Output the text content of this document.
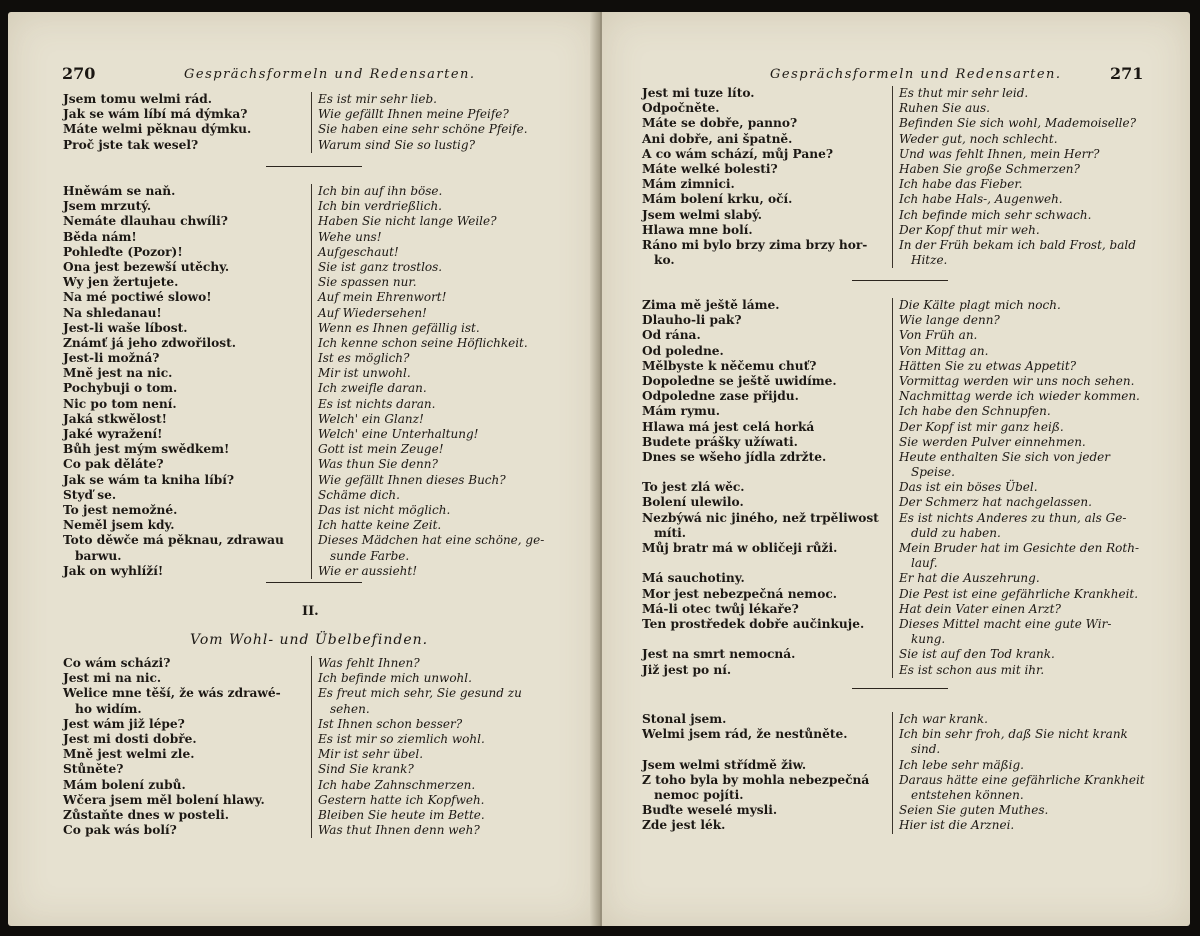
270	Gesprächsformeln und Redensarten.
Jsem tomu welmi rád.
Jak se wám líbí má dýmka?
Máte welmi pěknau dýmku.
Proč jste tak wesel?
Es ist mir sehr lieb.
Wie gefällt Ihnen meine Pfeife?
Sie haben eine sehr schöne Pfeife.
Warum sind Sie so lustig?
Hněwám se naň.
Jsem mrzutý.
Nemáte dlauhau chwíli?
Běda nám!
Pohleďte (Pozor)!
Ona jest bezewší utěchy.
Wy jen žertujete.
Na mé poctiwé slowo!
Na shledanau!
Jest-li waše líbost.
Známť já jeho zdwořilost.
Jest-li možná?
Mně jest na nic.
Pochybuji o tom.
Nic po tom není.
Jaká stkwělost!
Jaké wyražení!
Bůh jest mým swědkem!
Co pak děláte?
Jak se wám ta kniha líbí?
Styď se.
To jest nemožné.
Neměl jsem kdy.
Toto děwče má pěknau, zdrawau
barwu.
Jak on wyhlíží!
Ich bin auf ihn böse.
Ich bin verdrießlich.
Haben Sie nicht lange Weile?
Wehe uns!
Aufgeschaut!
Sie ist ganz trostlos.
Sie spassen nur.
Auf mein Ehrenwort!
Auf Wiedersehen!
Wenn es Ihnen gefällig ist.
Ich kenne schon seine Höflichkeit.
Ist es möglich?
Mir ist unwohl.
Ich zweifle daran.
Es ist nichts daran.
Welch' ein Glanz!
Welch' eine Unterhaltung!
Gott ist mein Zeuge!
Was thun Sie denn?
Wie gefällt Ihnen dieses Buch?
Schäme dich.
Das ist nicht möglich.
Ich hatte keine Zeit.
Dieses Mädchen hat eine schöne, ge-
sunde Farbe.
Wie er aussieht!
II.
Vom Wohl- und Übelbefinden.
Co wám scházi?
Jest mi na nic.
Welice mne těší, že wás zdrawé-
ho widím.
Jest wám již lépe?
Jest mi dosti dobře.
Mně jest welmi zle.
Stůněte?
Mám bolení zubů.
Wčera jsem měl bolení hlawy.
Zůstaňte dnes w posteli.
Co pak wás bolí?
Was fehlt Ihnen?
Ich befinde mich unwohl.
Es freut mich sehr, Sie gesund zu
sehen.
Ist Ihnen schon besser?
Es ist mir so ziemlich wohl.
Mir ist sehr übel.
Sind Sie krank?
Ich habe Zahnschmerzen.
Gestern hatte ich Kopfweh.
Bleiben Sie heute im Bette.
Was thut Ihnen denn weh?
Gesprächsformeln und Redensarten.	271
Jest mi tuze líto.
Odpočněte.
Máte se dobře, panno?
Ani dobře, ani špatně.
A co wám schází, můj Pane?
Máte welké bolesti?
Mám zimnici.
Mám bolení krku, očí.
Jsem welmi slabý.
Hlawa mne bolí.
Ráno mi bylo brzy zima brzy hor-
ko.
Es thut mir sehr leid.
Ruhen Sie aus.
Befinden Sie sich wohl, Mademoiselle?
Weder gut, noch schlecht.
Und was fehlt Ihnen, mein Herr?
Haben Sie große Schmerzen?
Ich habe das Fieber.
Ich habe Hals-, Augenweh.
Ich befinde mich sehr schwach.
Der Kopf thut mir weh.
In der Früh bekam ich bald Frost, bald
Hitze.
Zima mě ještě láme.
Dlauho-li pak?
Od rána.
Od poledne.
Mělbyste k něčemu chuť?
Dopoledne se ještě uwidíme.
Odpoledne zase přijdu.
Mám rymu.
Hlawa má jest celá horká
Budete prášky užíwati.
Dnes se wšeho jídla zdržte.

To jest zlá wěc.
Bolení ulewilo.
Nezbýwá nic jiného, než trpěliwost
míti.
Můj bratr má w obličeji růži.

Má sauchotiny.
Mor jest nebezpečná nemoc.
Má-li otec twůj lékaře?
Ten prostředek dobře aučinkuje.

Jest na smrt nemocná.
Již jest po ní.
Die Kälte plagt mich noch.
Wie lange denn?
Von Früh an.
Von Mittag an.
Hätten Sie zu etwas Appetit?
Vormittag werden wir uns noch sehen.
Nachmittag werde ich wieder kommen.
Ich habe den Schnupfen.
Der Kopf ist mir ganz heiß.
Sie werden Pulver einnehmen.
Heute enthalten Sie sich von jeder
Speise.
Das ist ein böses Übel.
Der Schmerz hat nachgelassen.
Es ist nichts Anderes zu thun, als Ge-
duld zu haben.
Mein Bruder hat im Gesichte den Roth-
lauf.
Er hat die Auszehrung.
Die Pest ist eine gefährliche Krankheit.
Hat dein Vater einen Arzt?
Dieses Mittel macht eine gute Wir-
kung.
Sie ist auf den Tod krank.
Es ist schon aus mit ihr.
Stonal jsem.
Welmi jsem rád, že nestůněte.

Jsem welmi střídmě žiw.
Z toho byla by mohla nebezpečná
nemoc pojíti.
Buďte weselé mysli.
Zde jest lék.
Ich war krank.
Ich bin sehr froh, daß Sie nicht krank
sind.
Ich lebe sehr mäßig.
Daraus hätte eine gefährliche Krankheit
entstehen können.
Seien Sie guten Muthes.
Hier ist die Arznei.
